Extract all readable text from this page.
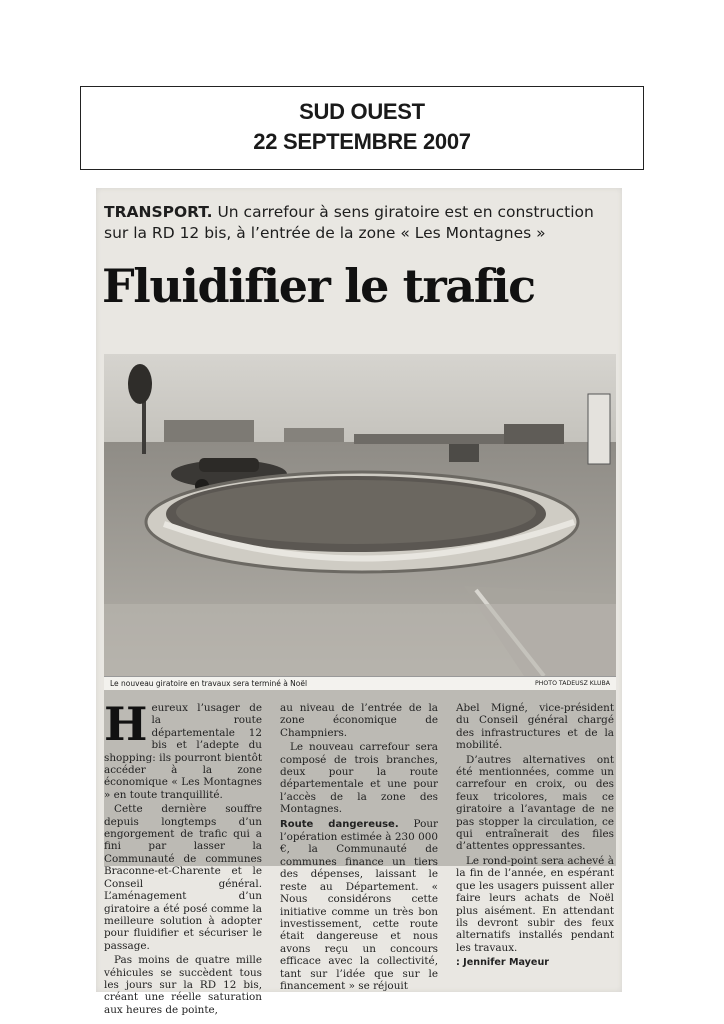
SUD OUEST
22 SEPTEMBRE 2007
TRANSPORT. Un carrefour à sens giratoire est en construction sur la RD 12 bis, à l’entrée de la zone « Les Montagnes »
Fluidifier le trafic
Le nouveau giratoire en travaux sera terminé à Noël	PHOTO TADEUSZ KLUBA

Heureux l’usager de la route départementale 12 bis et l’adepte du shopping: ils pourront bientôt accéder à la zone économique « Les Montagnes » en toute tranquillité.

Cette dernière souffre depuis longtemps d’un engorgement de trafic qui a fini par lasser la Communauté de communes Braconne-et-Charente et le Conseil général. L’aménagement d’un giratoire a été posé comme la meilleure solution à adopter pour fluidifier et sécuriser le passage.

Pas moins de quatre mille véhicules se succèdent tous les jours sur la RD 12 bis, créant une réelle saturation aux heures de pointe,

au niveau de l’entrée de la zone économique de Champniers.

Le nouveau carrefour sera composé de trois branches, deux pour la route départementale et une pour l’accès de la zone des Montagnes.

Route dangereuse. Pour l’opération estimée à 230 000 €, la Communauté de communes finance un tiers des dépenses, laissant le reste au Département. « Nous considérons cette initiative comme un très bon investissement, cette route était dangereuse et nous avons reçu un concours efficace avec la collectivité, tant sur l’idée que sur le financement » se réjouit

Abel Migné, vice-président du Conseil général chargé des infrastructures et de la mobilité.

D’autres alternatives ont été mentionnées, comme un carrefour en croix, ou des feux tricolores, mais ce giratoire a l’avantage de ne pas stopper la circulation, ce qui entraînerait des files d’attentes oppressantes.

Le rond-point sera achevé à la fin de l’année, en espérant que les usagers puissent aller faire leurs achats de Noël plus aisément. En attendant ils devront subir des feux alternatifs installés pendant les travaux.

: Jennifer Mayeur
